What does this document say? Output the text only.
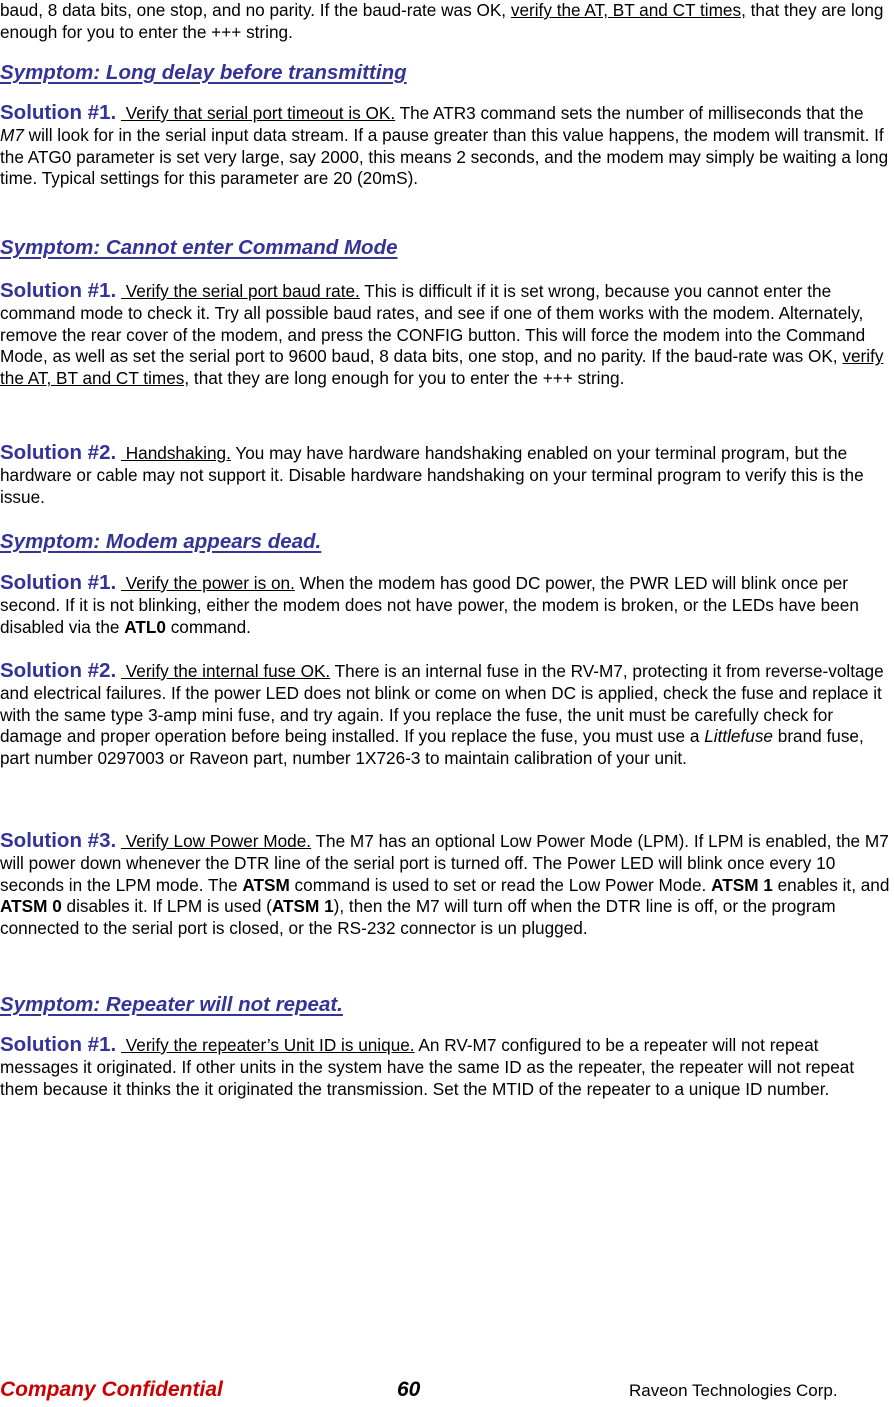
baud, 8 data bits, one stop, and no parity. If the baud-rate was OK, verify the AT, BT and CT times, that they are long enough for you to enter the +++ string.

Symptom: Long delay before transmitting

Solution #1.  Verify that serial port timeout is OK. The ATR3 command sets the number of milliseconds that the M7 will look for in the serial input data stream. If a pause greater than this value happens, the modem will transmit. If the ATG0 parameter is set very large, say 2000, this means 2 seconds, and the modem may simply be waiting a long time. Typical settings for this parameter are 20 (20mS).

Symptom: Cannot enter Command Mode

Solution #1.  Verify the serial port baud rate. This is difficult if it is set wrong, because you cannot enter the command mode to check it. Try all possible baud rates, and see if one of them works with the modem. Alternately, remove the rear cover of the modem, and press the CONFIG button. This will force the modem into the Command Mode, as well as set the serial port to 9600 baud, 8 data bits, one stop, and no parity. If the baud-rate was OK, verify the AT, BT and CT times, that they are long enough for you to enter the +++ string.

Solution #2.  Handshaking. You may have hardware handshaking enabled on your terminal program, but the hardware or cable may not support it. Disable hardware handshaking on your terminal program to verify this is the issue.

Symptom: Modem appears dead.

Solution #1.  Verify the power is on. When the modem has good DC power, the PWR LED will blink once per second. If it is not blinking, either the modem does not have power, the modem is broken, or the LEDs have been disabled via the ATL0 command.

Solution #2.  Verify the internal fuse OK. There is an internal fuse in the RV-M7, protecting it from reverse-voltage and electrical failures. If the power LED does not blink or come on when DC is applied, check the fuse and replace it with the same type 3-amp mini fuse, and try again. If you replace the fuse, the unit must be carefully check for damage and proper operation before being installed. If you replace the fuse, you must use a Littlefuse brand fuse, part number 0297003 or Raveon part, number 1X726-3 to maintain calibration of your unit.

Solution #3.  Verify Low Power Mode. The M7 has an optional Low Power Mode (LPM). If LPM is enabled, the M7 will power down whenever the DTR line of the serial port is turned off. The Power LED will blink once every 10 seconds in the LPM mode. The ATSM command is used to set or read the Low Power Mode. ATSM 1 enables it, and ATSM 0 disables it. If LPM is used (ATSM 1), then the M7 will turn off when the DTR line is off, or the program connected to the serial port is closed, or the RS-232 connector is un plugged.

Symptom: Repeater will not repeat.

Solution #1.  Verify the repeater’s Unit ID is unique. An RV-M7 configured to be a repeater will not repeat messages it originated. If other units in the system have the same ID as the repeater, the repeater will not repeat them because it thinks the it originated the transmission. Set the MTID of the repeater to a unique ID number.

Company Confidential	60	Raveon Technologies Corp.
